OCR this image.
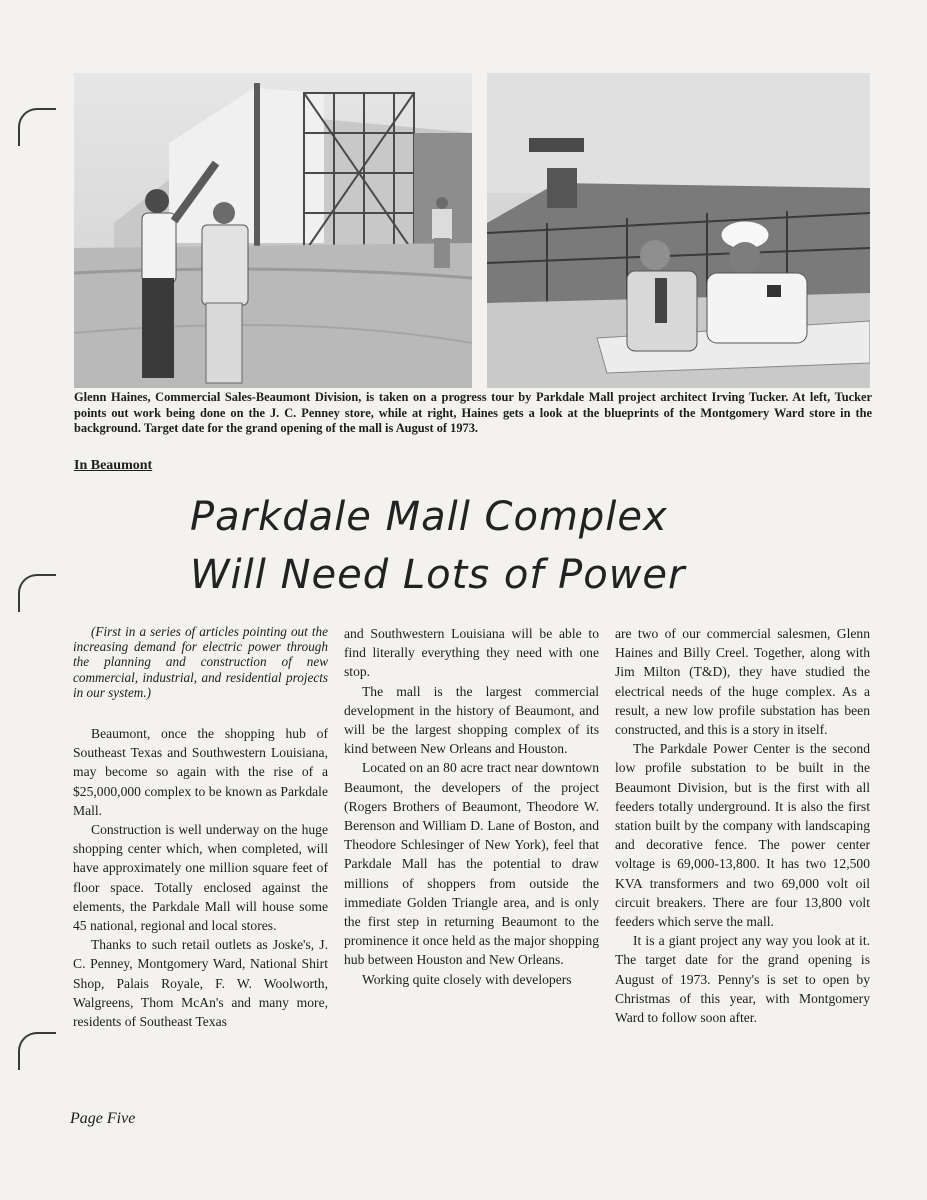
Glenn Haines, Commercial Sales-Beaumont Division, is taken on a progress tour by Parkdale Mall project architect Irving Tucker. At left, Tucker points out work being done on the J. C. Penney store, while at right, Haines gets a look at the blueprints of the Montgomery Ward store in the background. Target date for the grand opening of the mall is August of 1973.

In Beaumont

Parkdale Mall Complex
Will Need Lots of Power

(First in a series of articles pointing out the increasing demand for electric power through the planning and construction of new commercial, industrial, and residential projects in our system.)

Beaumont, once the shopping hub of Southeast Texas and Southwestern Louisiana, may become so again with the rise of a $25,000,000 complex to be known as Parkdale Mall.

Construction is well underway on the huge shopping center which, when completed, will have approximately one million square feet of floor space. Totally enclosed against the elements, the Parkdale Mall will house some 45 national, regional and local stores.

Thanks to such retail outlets as Joske's, J. C. Penney, Montgomery Ward, National Shirt Shop, Palais Royale, F. W. Woolworth, Walgreens, Thom McAn's and many more, residents of Southeast Texas

and Southwestern Louisiana will be able to find literally everything they need with one stop.

The mall is the largest commercial development in the history of Beaumont, and will be the largest shopping complex of its kind between New Orleans and Houston.

Located on an 80 acre tract near downtown Beaumont, the developers of the project (Rogers Brothers of Beaumont, Theodore W. Berenson and William D. Lane of Boston, and Theodore Schlesinger of New York), feel that Parkdale Mall has the potential to draw millions of shoppers from outside the immediate Golden Triangle area, and is only the first step in returning Beaumont to the prominence it once held as the major shopping hub between Houston and New Orleans.

Working quite closely with developers

are two of our commercial salesmen, Glenn Haines and Billy Creel. Together, along with Jim Milton (T&D), they have studied the electrical needs of the huge complex. As a result, a new low profile substation has been constructed, and this is a story in itself.

The Parkdale Power Center is the second low profile substation to be built in the Beaumont Division, but is the first with all feeders totally underground. It is also the first station built by the company with landscaping and decorative fence. The power center voltage is 69,000-13,800. It has two 12,500 KVA transformers and two 69,000 volt oil circuit breakers. There are four 13,800 volt feeders which serve the mall.

It is a giant project any way you look at it. The target date for the grand opening is August of 1973. Penny's is set to open by Christmas of this year, with Montgomery Ward to follow soon after.

Page Five
